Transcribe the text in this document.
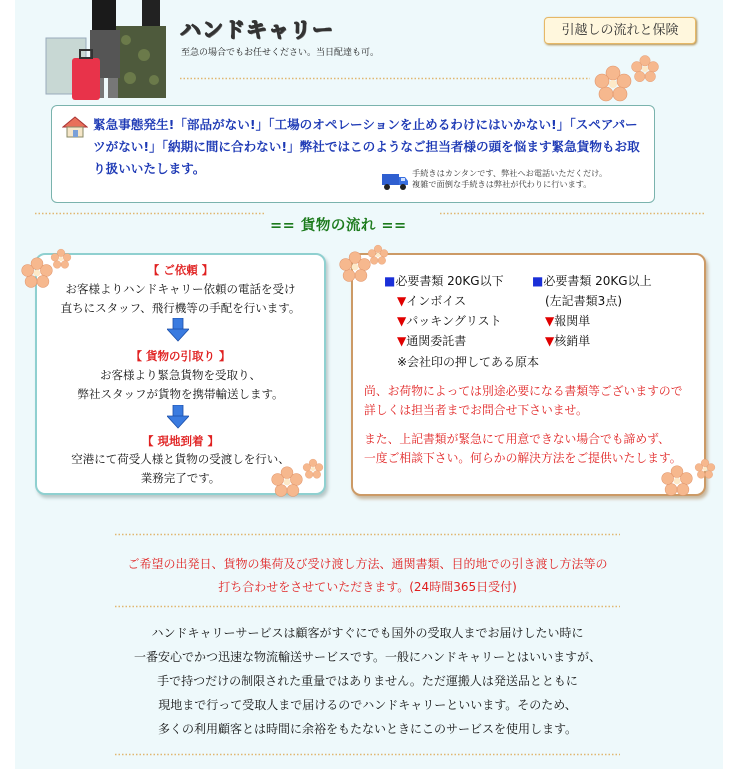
ハンドキャリー
至急の場合でもお任せください。当日配達も可。
引越しの流れと保険
緊急事態発生!「部品がない!」「工場のオペレーションを止めるわけにはいかない!」「スペアパーツがない!」「納期に間に合わない!」弊社ではこのようなご担当者様の頭を悩ます緊急貨物もお取り扱いいたします。	手続きはカンタンです、弊社へお電話いただくだけ。
複雑で面倒な手続きは弊社が代わりに行います。
== 貨物の流れ ==
【 ご依頼 】
お客様よりハンドキャリー依頼の電話を受け
直ちにスタッフ、飛行機等の手配を行います。
【 貨物の引取り 】
お客様より緊急貨物を受取り、
弊社スタッフが貨物を携帯輸送します。
【 現地到着 】
空港にて荷受人様と貨物の受渡しを行い、
業務完了です。
■必要書類 20KG以下
▼インボイス
▼パッキングリスト
▼通関委託書
■必要書類 20KG以上
(左記書類3点)
▼報関単
▼核銷単
※会社印の押してある原本
尚、お荷物によっては別途必要になる書類等ございますので
詳しくは担当者までお問合せ下さいませ。
また、上記書類が緊急にて用意できない場合でも諦めず、
一度ご相談下さい。何らかの解決方法をご提供いたします。
ご希望の出発日、貨物の集荷及び受け渡し方法、通関書類、目的地での引き渡し方法等の
打ち合わせをさせていただきます。(24時間365日受付)
ハンドキャリーサービスは顧客がすぐにでも国外の受取人までお届けしたい時に
一番安心でかつ迅速な物流輸送サービスです。一般にハンドキャリーとはいいますが、
手で持つだけの制限された重量ではありません。ただ運搬人は発送品とともに
現地まで行って受取人まで届けるのでハンドキャリーといいます。そのため、
多くの利用顧客とは時間に余裕をもたないときにこのサービスを使用します。
